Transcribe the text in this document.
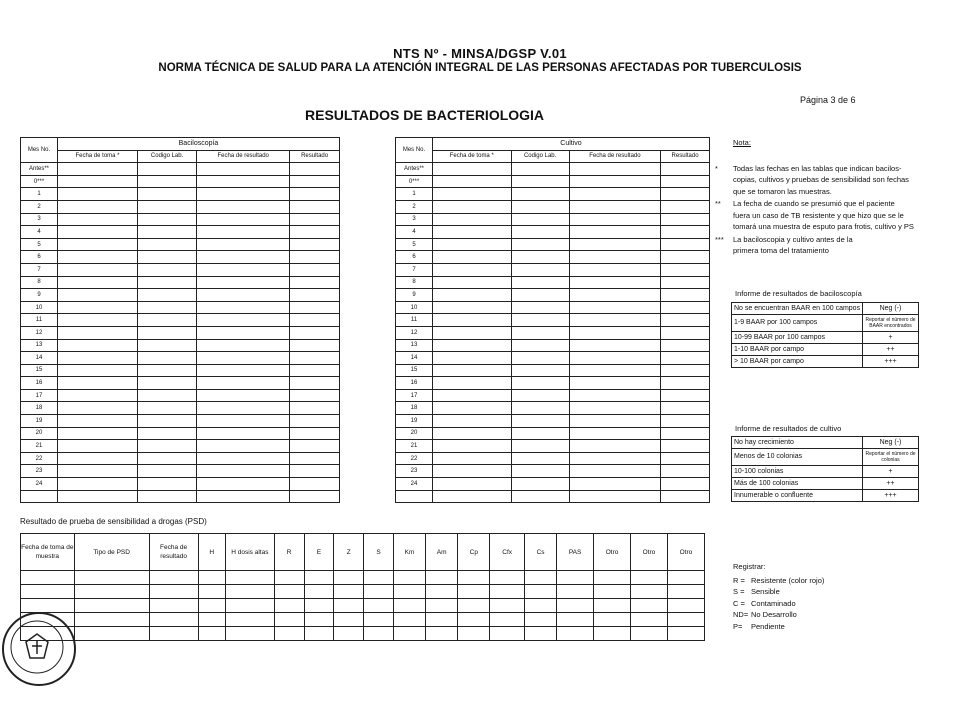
NTS Nº - MINSA/DGSP V.01
NORMA TÉCNICA DE SALUD PARA LA ATENCIÓN INTEGRAL DE LAS PERSONAS AFECTADAS POR TUBERCULOSIS
Página 3 de 6
RESULTADOS DE BACTERIOLOGIA
Mes No.	Baciloscopía			
	Fecha de toma *	Codigo Lab.	Fecha de resultado	Resultado
Antes**				
0***				
1				
2				
3				
4				
5				
6				
7				
8				
9				
10				
11				
12				
13				
14				
15				
16				
17				
18				
19				
20				
21				
22				
23				
24				

Mes No.	Cultivo			
	Fecha de toma *	Codigo Lab.	Fecha de resultado	Resultado
Antes**				
0***				
1				
2				
3				
4				
5				
6				
7				
8				
9				
10				
11				
12				
13				
14				
15				
16				
17				
18				
19				
20				
21				
22				
23				
24				

Nota:
*	Todas las fechas en las tablas que indican bacilos-
copias, cultivos y pruebas de sensibilidad son fechas
que se tomaron las muestras.
**	La fecha de cuando se presumió que el paciente
fuera un caso de TB resistente y que hizo que se le
tomará una muestra de esputo para frotis, cultivo y PS
***	La baciloscopia y cultivo antes de la
primera toma del tratamiento
Informe de resultados de baciloscopía
No se encuentran BAAR en 100 campos	Neg (-)
1-9 BAAR por 100 campos	Reportar el número de BAAR encontrados
10-99 BAAR por 100 campos	+
1-10 BAAR por campo	++
> 10 BAAR por campo	+++
Informe de resultados de cultivo
No hay crecimiento	Neg (-)
Menos de 10 colonias	Reportar el número de colonias
10-100 colonias	+
Más de 100 colonias	++
Innumerable o confluente	+++
Resultado de prueba de sensibilidad a drogas (PSD)
Fecha de toma de muestra	Tipo de PSD	Fecha de resultado	H	H dosis altas	R	E	Z	S	Km	Am	Cp	Cfx	Cs	PAS	Otro	Otro	Otro

Registrar:
R = Resistente (color rojo)
S = Sensible
C = Contaminado
ND= No Desarrollo
P=	Pendiente
